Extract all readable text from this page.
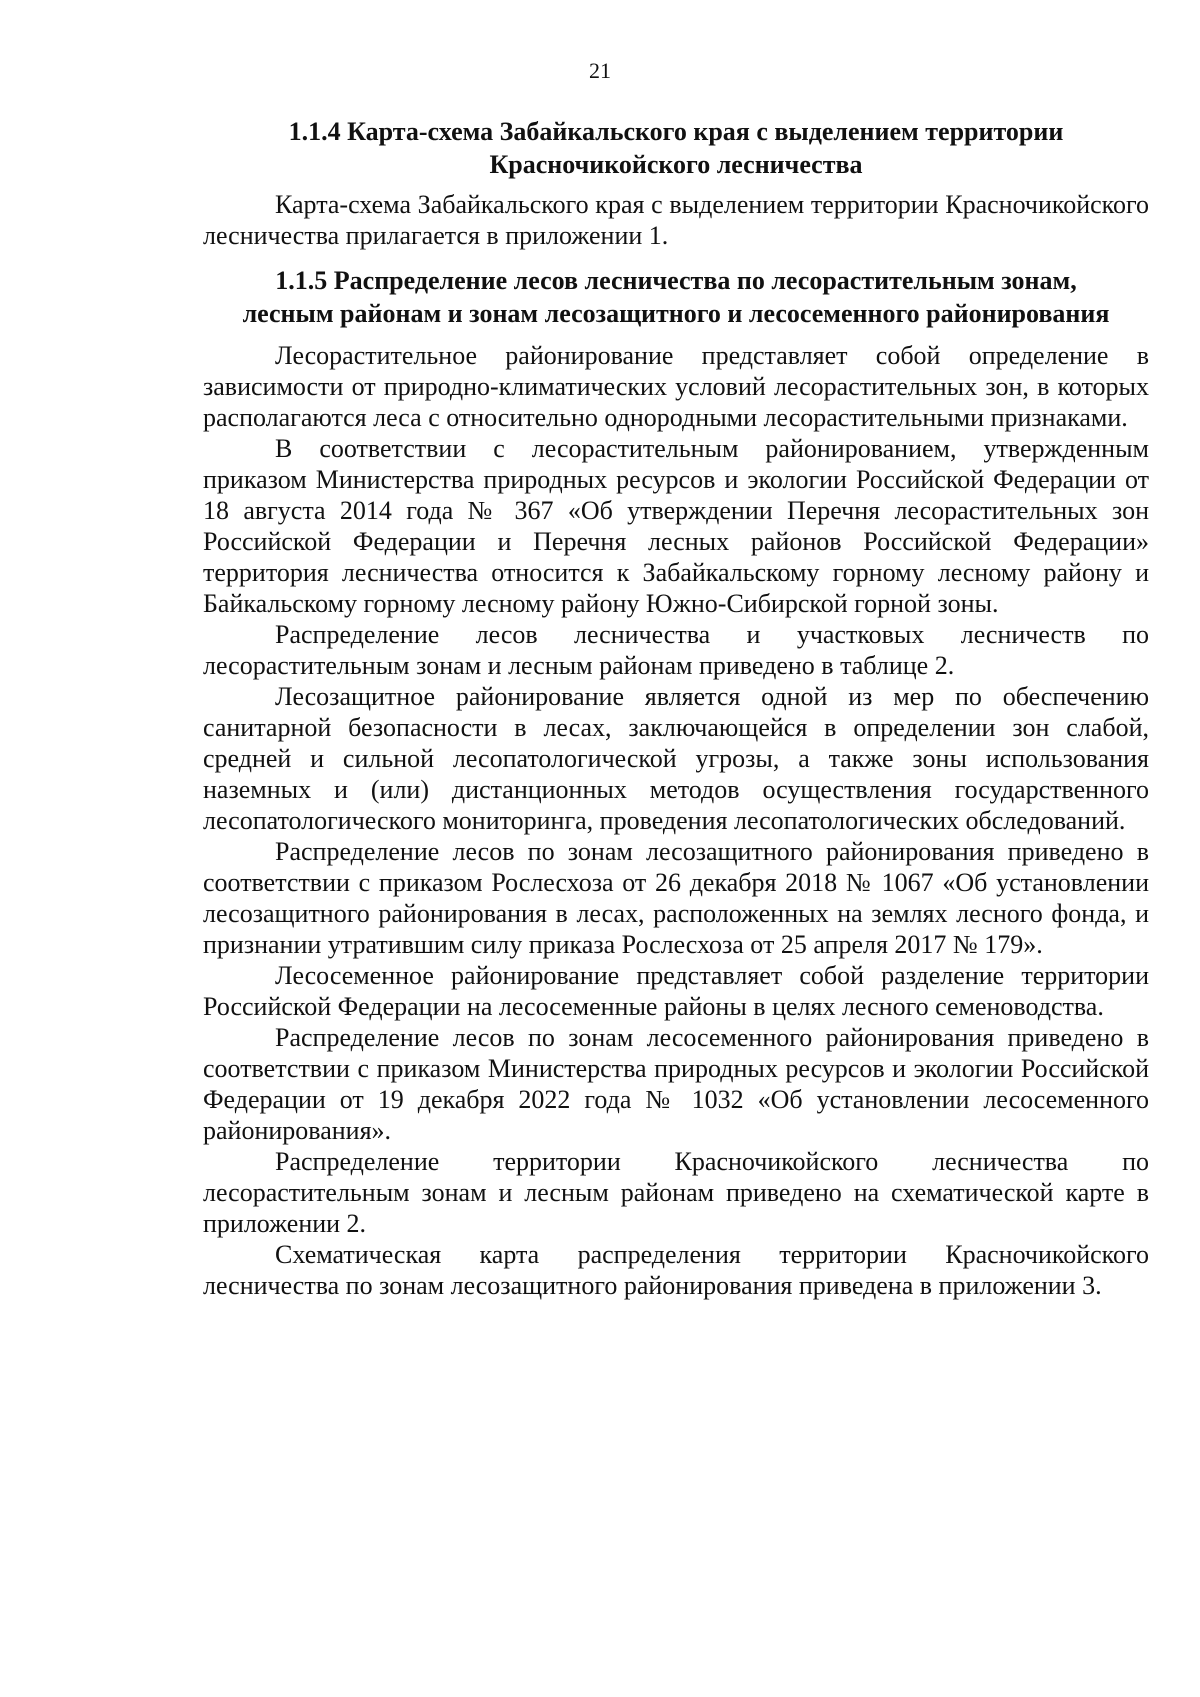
21
1.1.4 Карта-схема Забайкальского края с выделением территории
Красночикойского лесничества

Карта-схема Забайкальского края с выделением территории Красночикойского лесничества прилагается в приложении 1.

1.1.5 Распределение лесов лесничества по лесорастительным зонам,
лесным районам и зонам лесозащитного и лесосеменного районирования

Лесорастительное районирование представляет собой определение в зависимости от природно-климатических условий лесорастительных зон, в которых располагаются леса с относительно однородными лесорастительными признаками.

В соответствии с лесорастительным районированием, утвержденным приказом Министерства природных ресурсов и экологии Российской Федерации от 18 августа 2014 года № 367 «Об утверждении Перечня лесорастительных зон Российской Федерации и Перечня лесных районов Российской Федерации» территория лесничества относится к Забайкальскому горному лесному району и Байкальскому горному лесному району Южно-Сибирской горной зоны.

Распределение лесов лесничества и участковых лесничеств по лесорастительным зонам и лесным районам приведено в таблице 2.

Лесозащитное районирование является одной из мер по обеспечению санитарной безопасности в лесах, заключающейся в определении зон слабой, средней и сильной лесопатологической угрозы, а также зоны использования наземных и (или) дистанционных методов осуществления государственного лесопатологического мониторинга, проведения лесопатологических обследований.

Распределение лесов по зонам лесозащитного районирования приведено в соответствии с приказом Рослесхоза от 26 декабря 2018 № 1067 «Об установлении лесозащитного районирования в лесах, расположенных на землях лесного фонда, и признании утратившим силу приказа Рослесхоза от 25 апреля 2017 № 179».

Лесосеменное районирование представляет собой разделение территории Российской Федерации на лесосеменные районы в целях лесного семеноводства.

Распределение лесов по зонам лесосеменного районирования приведено в соответствии с приказом Министерства природных ресурсов и экологии Российской Федерации от 19 декабря 2022 года № 1032 «Об установлении лесосеменного районирования».

Распределение территории Красночикойского лесничества по лесорастительным зонам и лесным районам приведено на схематической карте в приложении 2.

Схематическая карта распределения территории Красночикойского лесничества по зонам лесозащитного районирования приведена в приложении 3.
